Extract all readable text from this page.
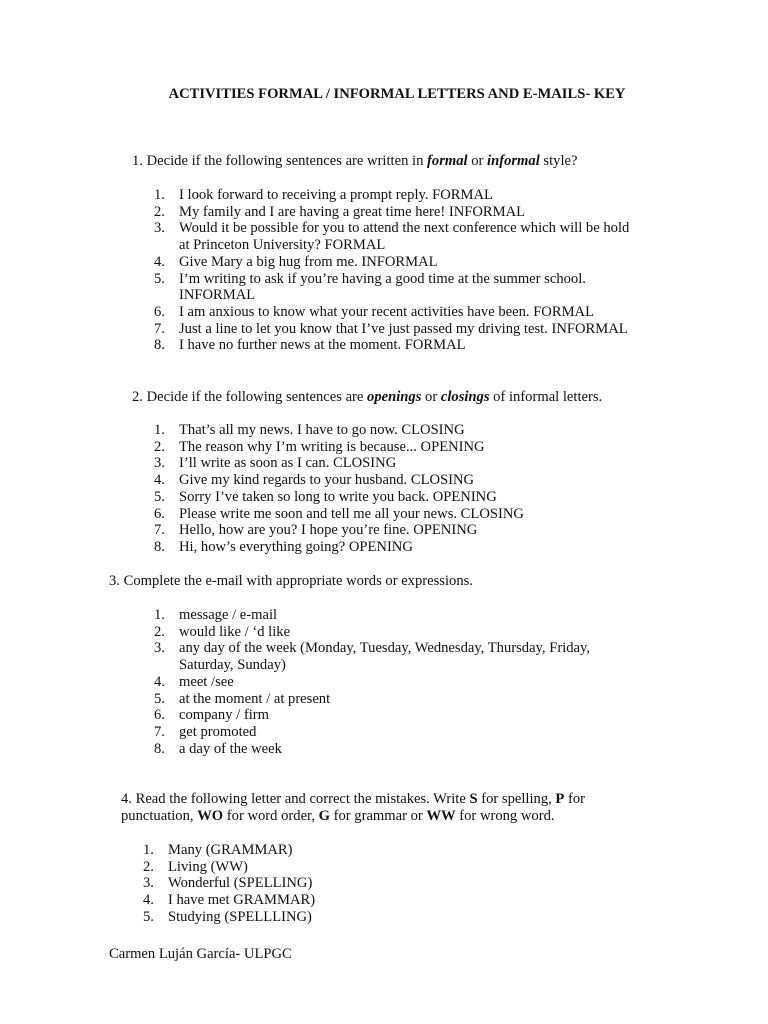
ACTIVITIES FORMAL / INFORMAL LETTERS AND E-MAILS- KEY
1. Decide if the following sentences are written in formal or informal style?
1. I look forward to receiving a prompt reply. FORMAL
2. My family and I are having a great time here! INFORMAL
3. Would it be possible for you to attend the next conference which will be hold
at Princeton University? FORMAL
4. Give Mary a big hug from me. INFORMAL
5. I’m writing to ask if you’re having a good time at the summer school.
INFORMAL
6. I am anxious to know what your recent activities have been. FORMAL
7. Just a line to let you know that I’ve just passed my driving test. INFORMAL
8. I have no further news at the moment. FORMAL
2. Decide if the following sentences are openings or closings of informal letters.
1. That’s all my news. I have to go now. CLOSING
2. The reason why I’m writing is because... OPENING
3. I’ll write as soon as I can. CLOSING
4. Give my kind regards to your husband. CLOSING
5. Sorry I’ve taken so long to write you back. OPENING
6. Please write me soon and tell me all your news. CLOSING
7. Hello, how are you? I hope you’re fine. OPENING
8. Hi, how’s everything going? OPENING
3. Complete the e-mail with appropriate words or expressions.
1. message / e-mail
2. would like / ‘d like
3. any day of the week (Monday, Tuesday, Wednesday, Thursday, Friday,
Saturday, Sunday)
4. meet /see
5. at the moment / at present
6. company / firm
7. get promoted
8. a day of the week
4. Read the following letter and correct the mistakes. Write S for spelling, P for
punctuation, WO for word order, G for grammar or WW for wrong word.
1. Many (GRAMMAR)
2. Living (WW)
3. Wonderful (SPELLING)
4. I have met GRAMMAR)
5. Studying (SPELLLING)
Carmen Luján García- ULPGC
